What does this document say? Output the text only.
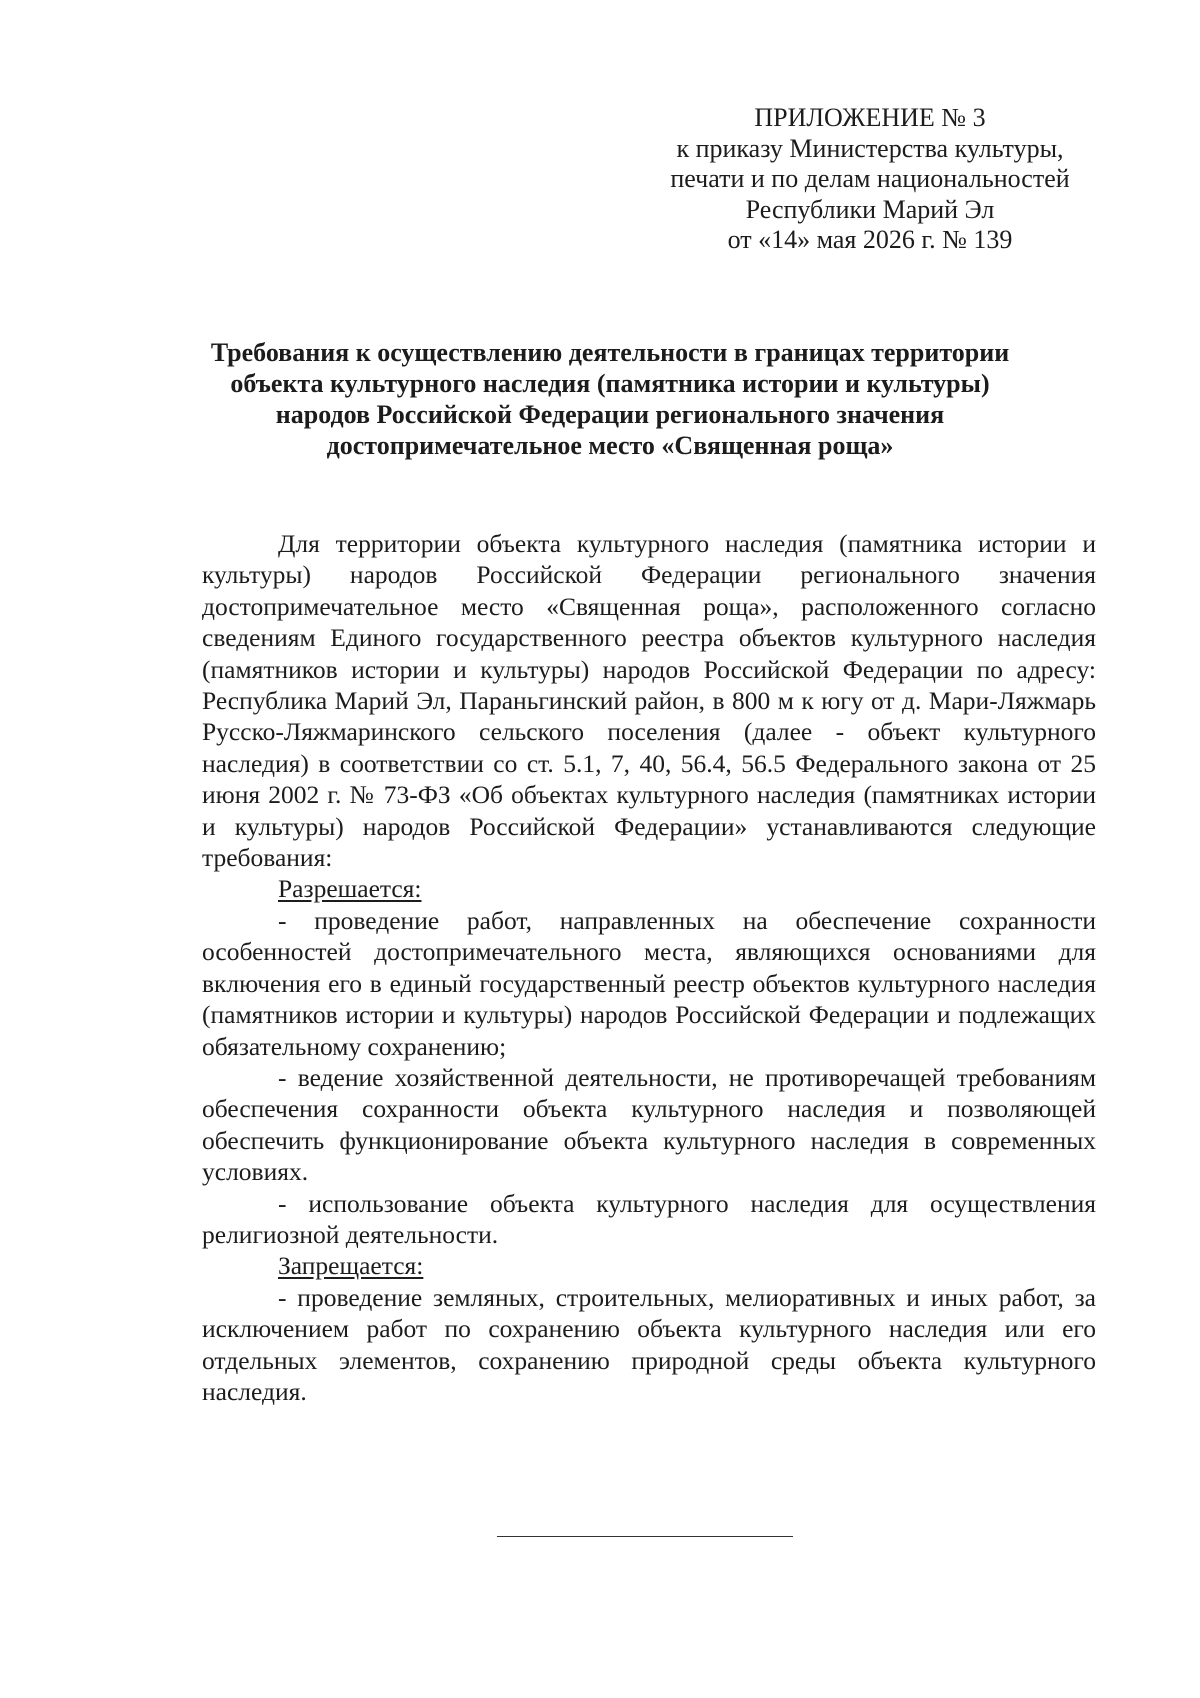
ПРИЛОЖЕНИЕ № 3
к приказу Министерства культуры,
печати и по делам национальностей
Республики Марий Эл
от «14» мая 2026 г. № 139
Требования к осуществлению деятельности в границах территории
объекта культурного наследия (памятника истории и культуры)
народов Российской Федерации регионального значения
достопримечательное место «Священная роща»

Для территории объекта культурного наследия (памятника истории и культуры) народов Российской Федерации регионального значения достопримечательное место «Священная роща», расположенного согласно сведениям Единого государственного реестра объектов культурного наследия (памятников истории и культуры) народов Российской Федерации по адресу: Республика Марий Эл, Параньгинский район, в 800 м к югу от д. Мари-Ляжмарь Русско-Ляжмаринского сельского поселения (далее - объект культурного наследия) в соответствии со ст. 5.1, 7, 40, 56.4, 56.5 Федерального закона от 25 июня 2002 г. № 73-ФЗ «Об объектах культурного наследия (памятниках истории и культуры) народов Российской Федерации» устанавливаются следующие требования:

Разрешается:

- проведение работ, направленных на обеспечение сохранности особенностей достопримечательного места, являющихся основаниями для включения его в единый государственный реестр объектов культурного наследия (памятников истории и культуры) народов Российской Федерации и подлежащих обязательному сохранению;

- ведение хозяйственной деятельности, не противоречащей требованиям обеспечения сохранности объекта культурного наследия и позволяющей обеспечить функционирование объекта культурного наследия в современных условиях.

- использование объекта культурного наследия для осуществления религиозной деятельности.

Запрещается:

- проведение земляных, строительных, мелиоративных и иных работ, за исключением работ по сохранению объекта культурного наследия или его отдельных элементов, сохранению природной среды объекта культурного наследия.
